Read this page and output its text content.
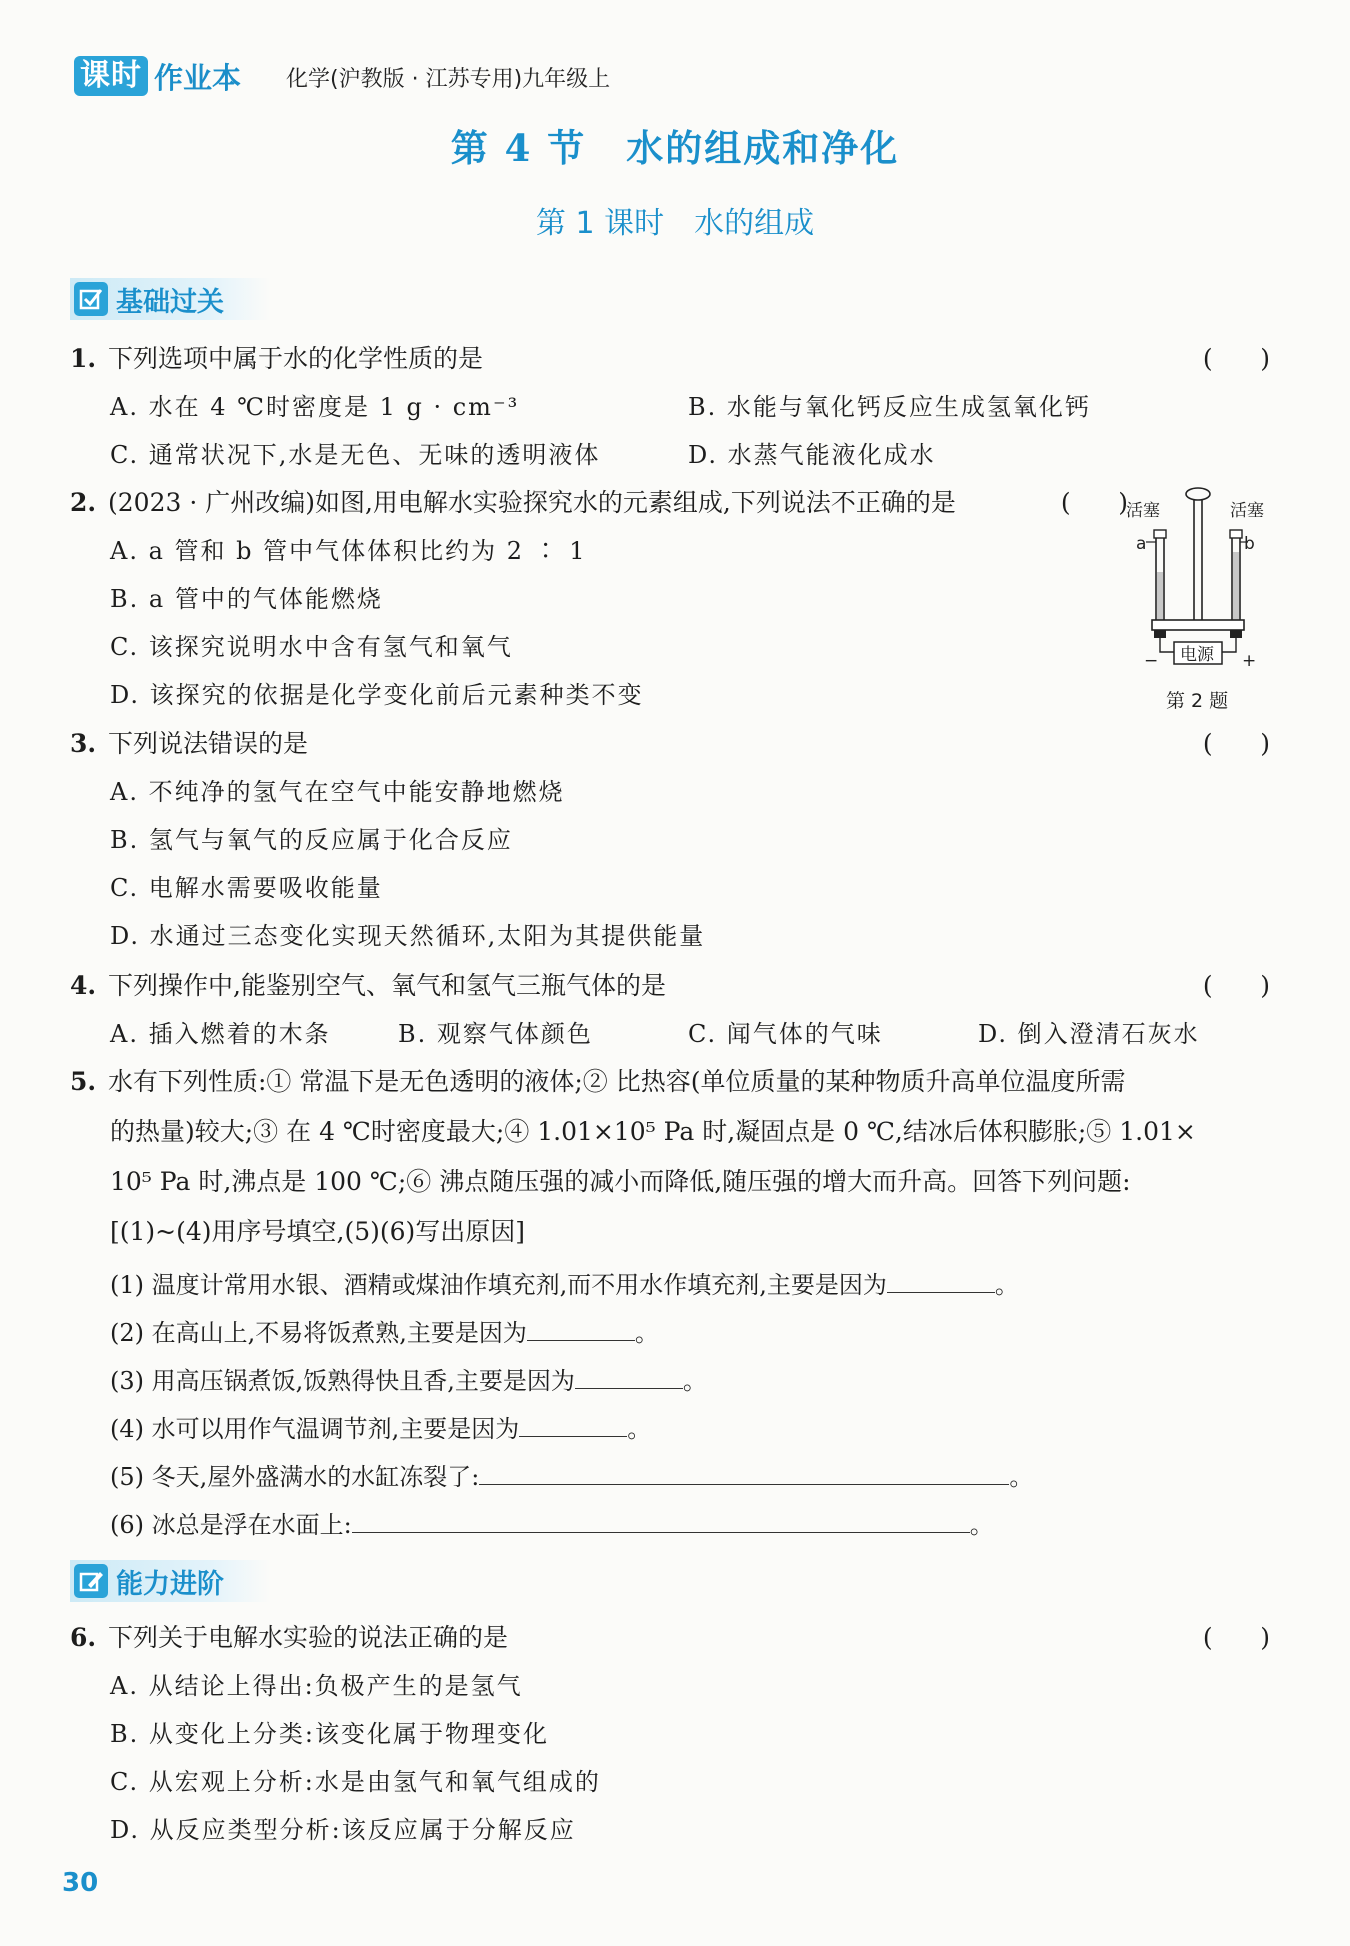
课时 作业本 化学(沪教版 · 江苏专用)九年级上
第 4 节 水的组成和净化
第 1 课时 水的组成
基础过关
1. 下列选项中属于水的化学性质的是	(      )
A. 水在 4 ℃时密度是 1 g · cm⁻³	B. 水能与氧化钙反应生成氢氧化钙
C. 通常状况下,水是无色、无味的透明液体	D. 水蒸气能液化成水
2. (2023 · 广州改编)如图,用电解水实验探究水的元素组成,下列说法不正确的是	(      )
A. a 管和 b 管中气体体积比约为 2 ∶ 1
B. a 管中的气体能燃烧
C. 该探究说明水中含有氢气和氧气
D. 该探究的依据是化学变化前后元素种类不变
活塞	活塞
a	b
电源
−	+
第 2 题
3. 下列说法错误的是	(      )
A. 不纯净的氢气在空气中能安静地燃烧
B. 氢气与氧气的反应属于化合反应
C. 电解水需要吸收能量
D. 水通过三态变化实现天然循环,太阳为其提供能量
4. 下列操作中,能鉴别空气、氧气和氢气三瓶气体的是	(      )
A. 插入燃着的木条	B. 观察气体颜色	C. 闻气体的气味	D. 倒入澄清石灰水
5. 水有下列性质:① 常温下是无色透明的液体;② 比热容(单位质量的某种物质升高单位温度所需
的热量)较大;③ 在 4 ℃时密度最大;④ 1.01×10⁵ Pa 时,凝固点是 0 ℃,结冰后体积膨胀;⑤ 1.01×
10⁵ Pa 时,沸点是 100 ℃;⑥ 沸点随压强的减小而降低,随压强的增大而升高。回答下列问题:
[(1)~(4)用序号填空,(5)(6)写出原因]
(1) 温度计常用水银、酒精或煤油作填充剂,而不用水作填充剂,主要是因为	。
(2) 在高山上,不易将饭煮熟,主要是因为	。
(3) 用高压锅煮饭,饭熟得快且香,主要是因为	。
(4) 水可以用作气温调节剂,主要是因为	。
(5) 冬天,屋外盛满水的水缸冻裂了:	。
(6) 冰总是浮在水面上:	。
能力进阶
6. 下列关于电解水实验的说法正确的是	(      )
A. 从结论上得出:负极产生的是氢气
B. 从变化上分类:该变化属于物理变化
C. 从宏观上分析:水是由氢气和氧气组成的
D. 从反应类型分析:该反应属于分解反应
30
